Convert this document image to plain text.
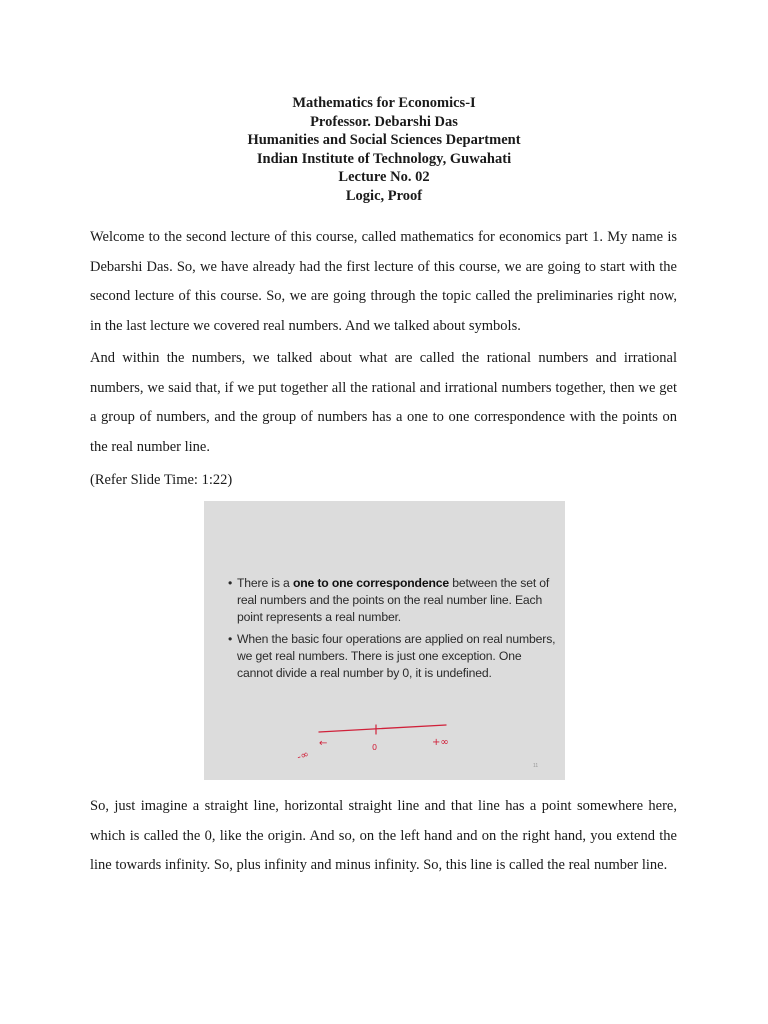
Mathematics for Economics-I
Professor. Debarshi Das
Humanities and Social Sciences Department
Indian Institute of Technology, Guwahati
Lecture No. 02
Logic, Proof

Welcome to the second lecture of this course, called mathematics for economics part 1. My name is Debarshi Das. So, we have already had the first lecture of this course, we are going to start with the second lecture of this course. So, we are going through the topic called the preliminaries right now, in the last lecture we covered real numbers. And we talked about symbols.

And within the numbers, we talked about what are called the rational numbers and irrational numbers, we said that, if we put together all the rational and irrational numbers together, then we get a group of numbers, and the group of numbers has a one to one correspondence with the points on the real number line.

(Refer Slide Time: 1:22)

• There is a one to one correspondence between the set of real numbers and the points on the real number line. Each point represents a real number.
• When the basic four operations are applied on real numbers, we get real numbers. There is just one exception. One cannot divide a real number by 0, it is undefined.
-∞
←	0	+∞
11

So, just imagine a straight line, horizontal straight line and that line has a point somewhere here, which is called the 0, like the origin. And so, on the left hand and on the right hand, you extend the line towards infinity. So, plus infinity and minus infinity. So, this line is called the real number line.
